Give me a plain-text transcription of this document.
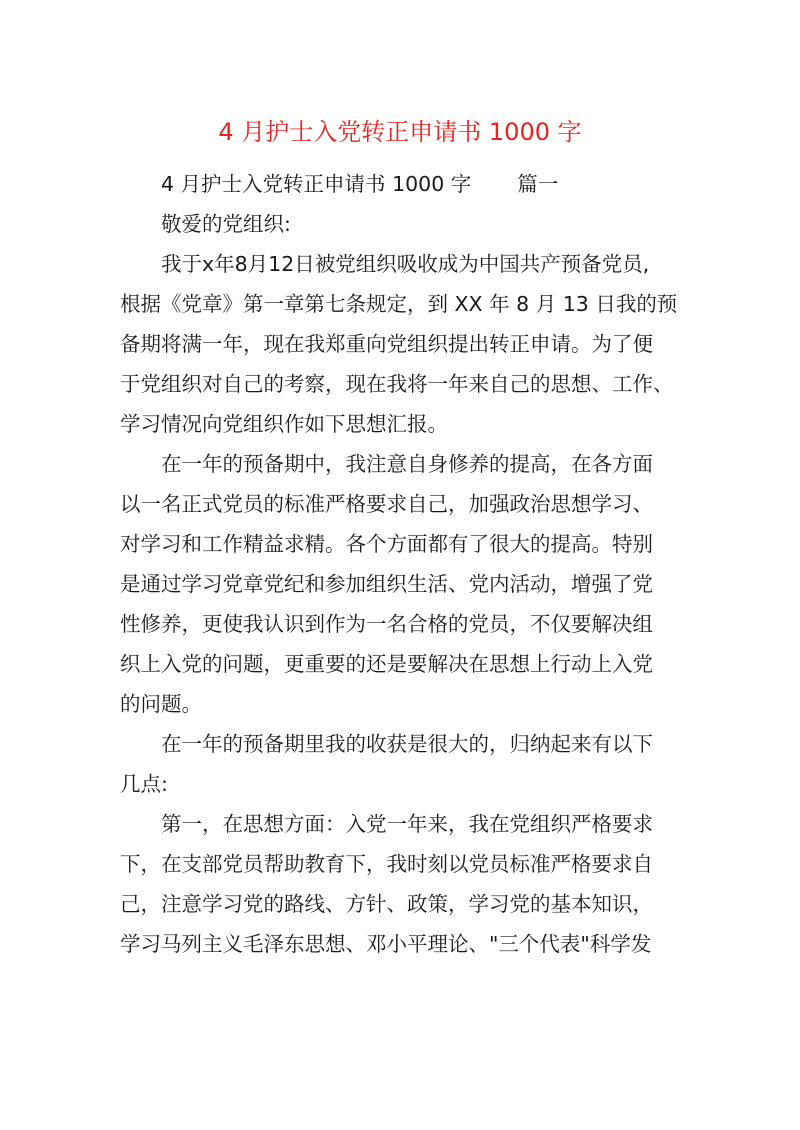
4 月护士入党转正申请书 1000 字
4 月护士入党转正申请书 1000 字 篇一
敬爱的党组织:
我于x年8月12日被党组织吸收成为中国共产预备党员,
根据《党章》第一章第七条规定，到 XX 年 8 月 13 日我的预
备期将满一年，现在我郑重向党组织提出转正申请。为了便
于党组织对自己的考察，现在我将一年来自己的思想、工作、
学习情况向党组织作如下思想汇报。
在一年的预备期中，我注意自身修养的提高，在各方面
以一名正式党员的标准严格要求自己，加强政治思想学习、
对学习和工作精益求精。各个方面都有了很大的提高。特别
是通过学习党章党纪和参加组织生活、党内活动，增强了党
性修养，更使我认识到作为一名合格的党员，不仅要解决组
织上入党的问题，更重要的还是要解决在思想上行动上入党
的问题。
在一年的预备期里我的收获是很大的，归纳起来有以下
几点:
第一，在思想方面：入党一年来，我在党组织严格要求
下，在支部党员帮助教育下，我时刻以党员标准严格要求自
己，注意学习党的路线、方针、政策，学习党的基本知识，
学习马列主义毛泽东思想、邓小平理论、"三个代表"科学发
